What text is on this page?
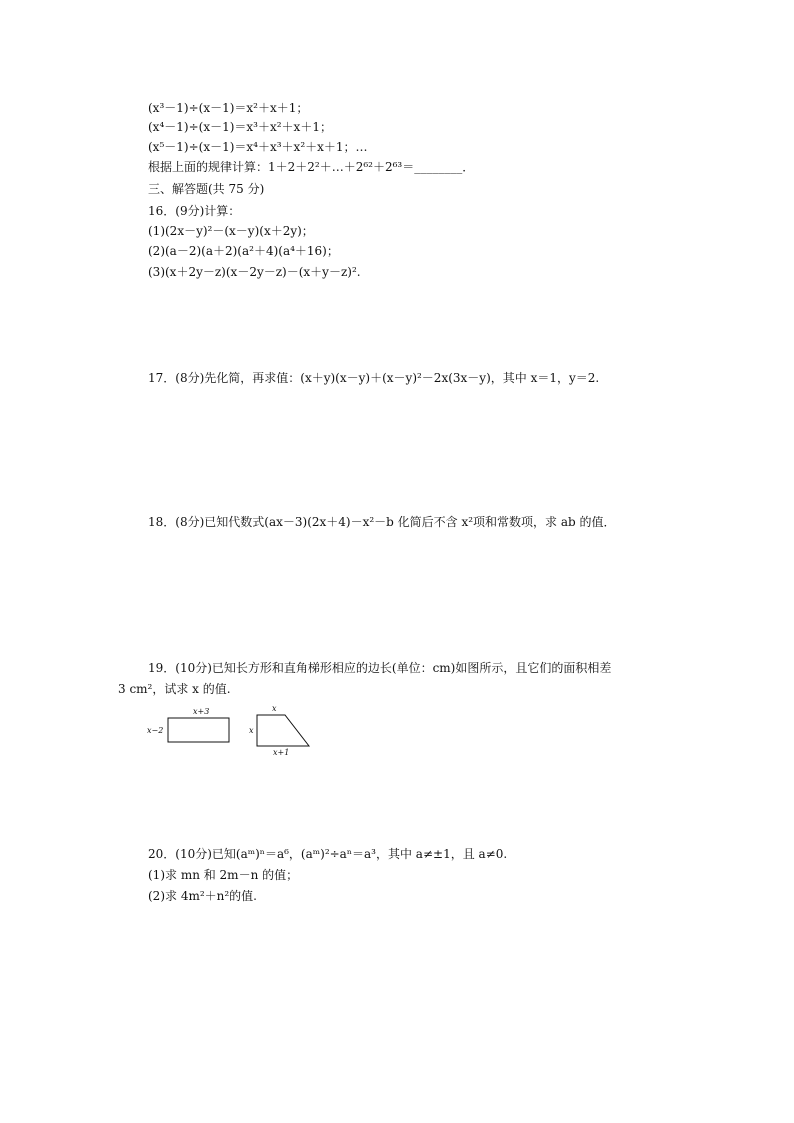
(x³－1)÷(x－1)＝x²＋x＋1；
(x⁴－1)÷(x－1)＝x³＋x²＋x＋1；
(x⁵－1)÷(x－1)＝x⁴＋x³＋x²＋x＋1；…
根据上面的规律计算：1＋2＋2²＋…＋2⁶²＋2⁶³＝________．
三、解答题(共 75 分)
16．(9分)计算：
(1)(2x－y)²－(x－y)(x＋2y)；
(2)(a－2)(a＋2)(a²＋4)(a⁴＋16)；
(3)(x＋2y－z)(x－2y－z)－(x＋y－z)².
17．(8分)先化简，再求值：(x＋y)(x－y)＋(x－y)²－2x(3x－y)，其中 x＝1，y＝2.
18．(8分)已知代数式(ax－3)(2x＋4)－x²－b 化简后不含 x²项和常数项，求 ab 的值．
19．(10分)已知长方形和直角梯形相应的边长(单位：cm)如图所示，且它们的面积相差
3 cm²，试求 x 的值.
x+3
x−2
x
x
x+1
20．(10分)已知(aᵐ)ⁿ＝a⁶，(aᵐ)²÷aⁿ＝a³，其中 a≠±1，且 a≠0.
(1)求 mn 和 2m－n 的值；
(2)求 4m²＋n²的值.
